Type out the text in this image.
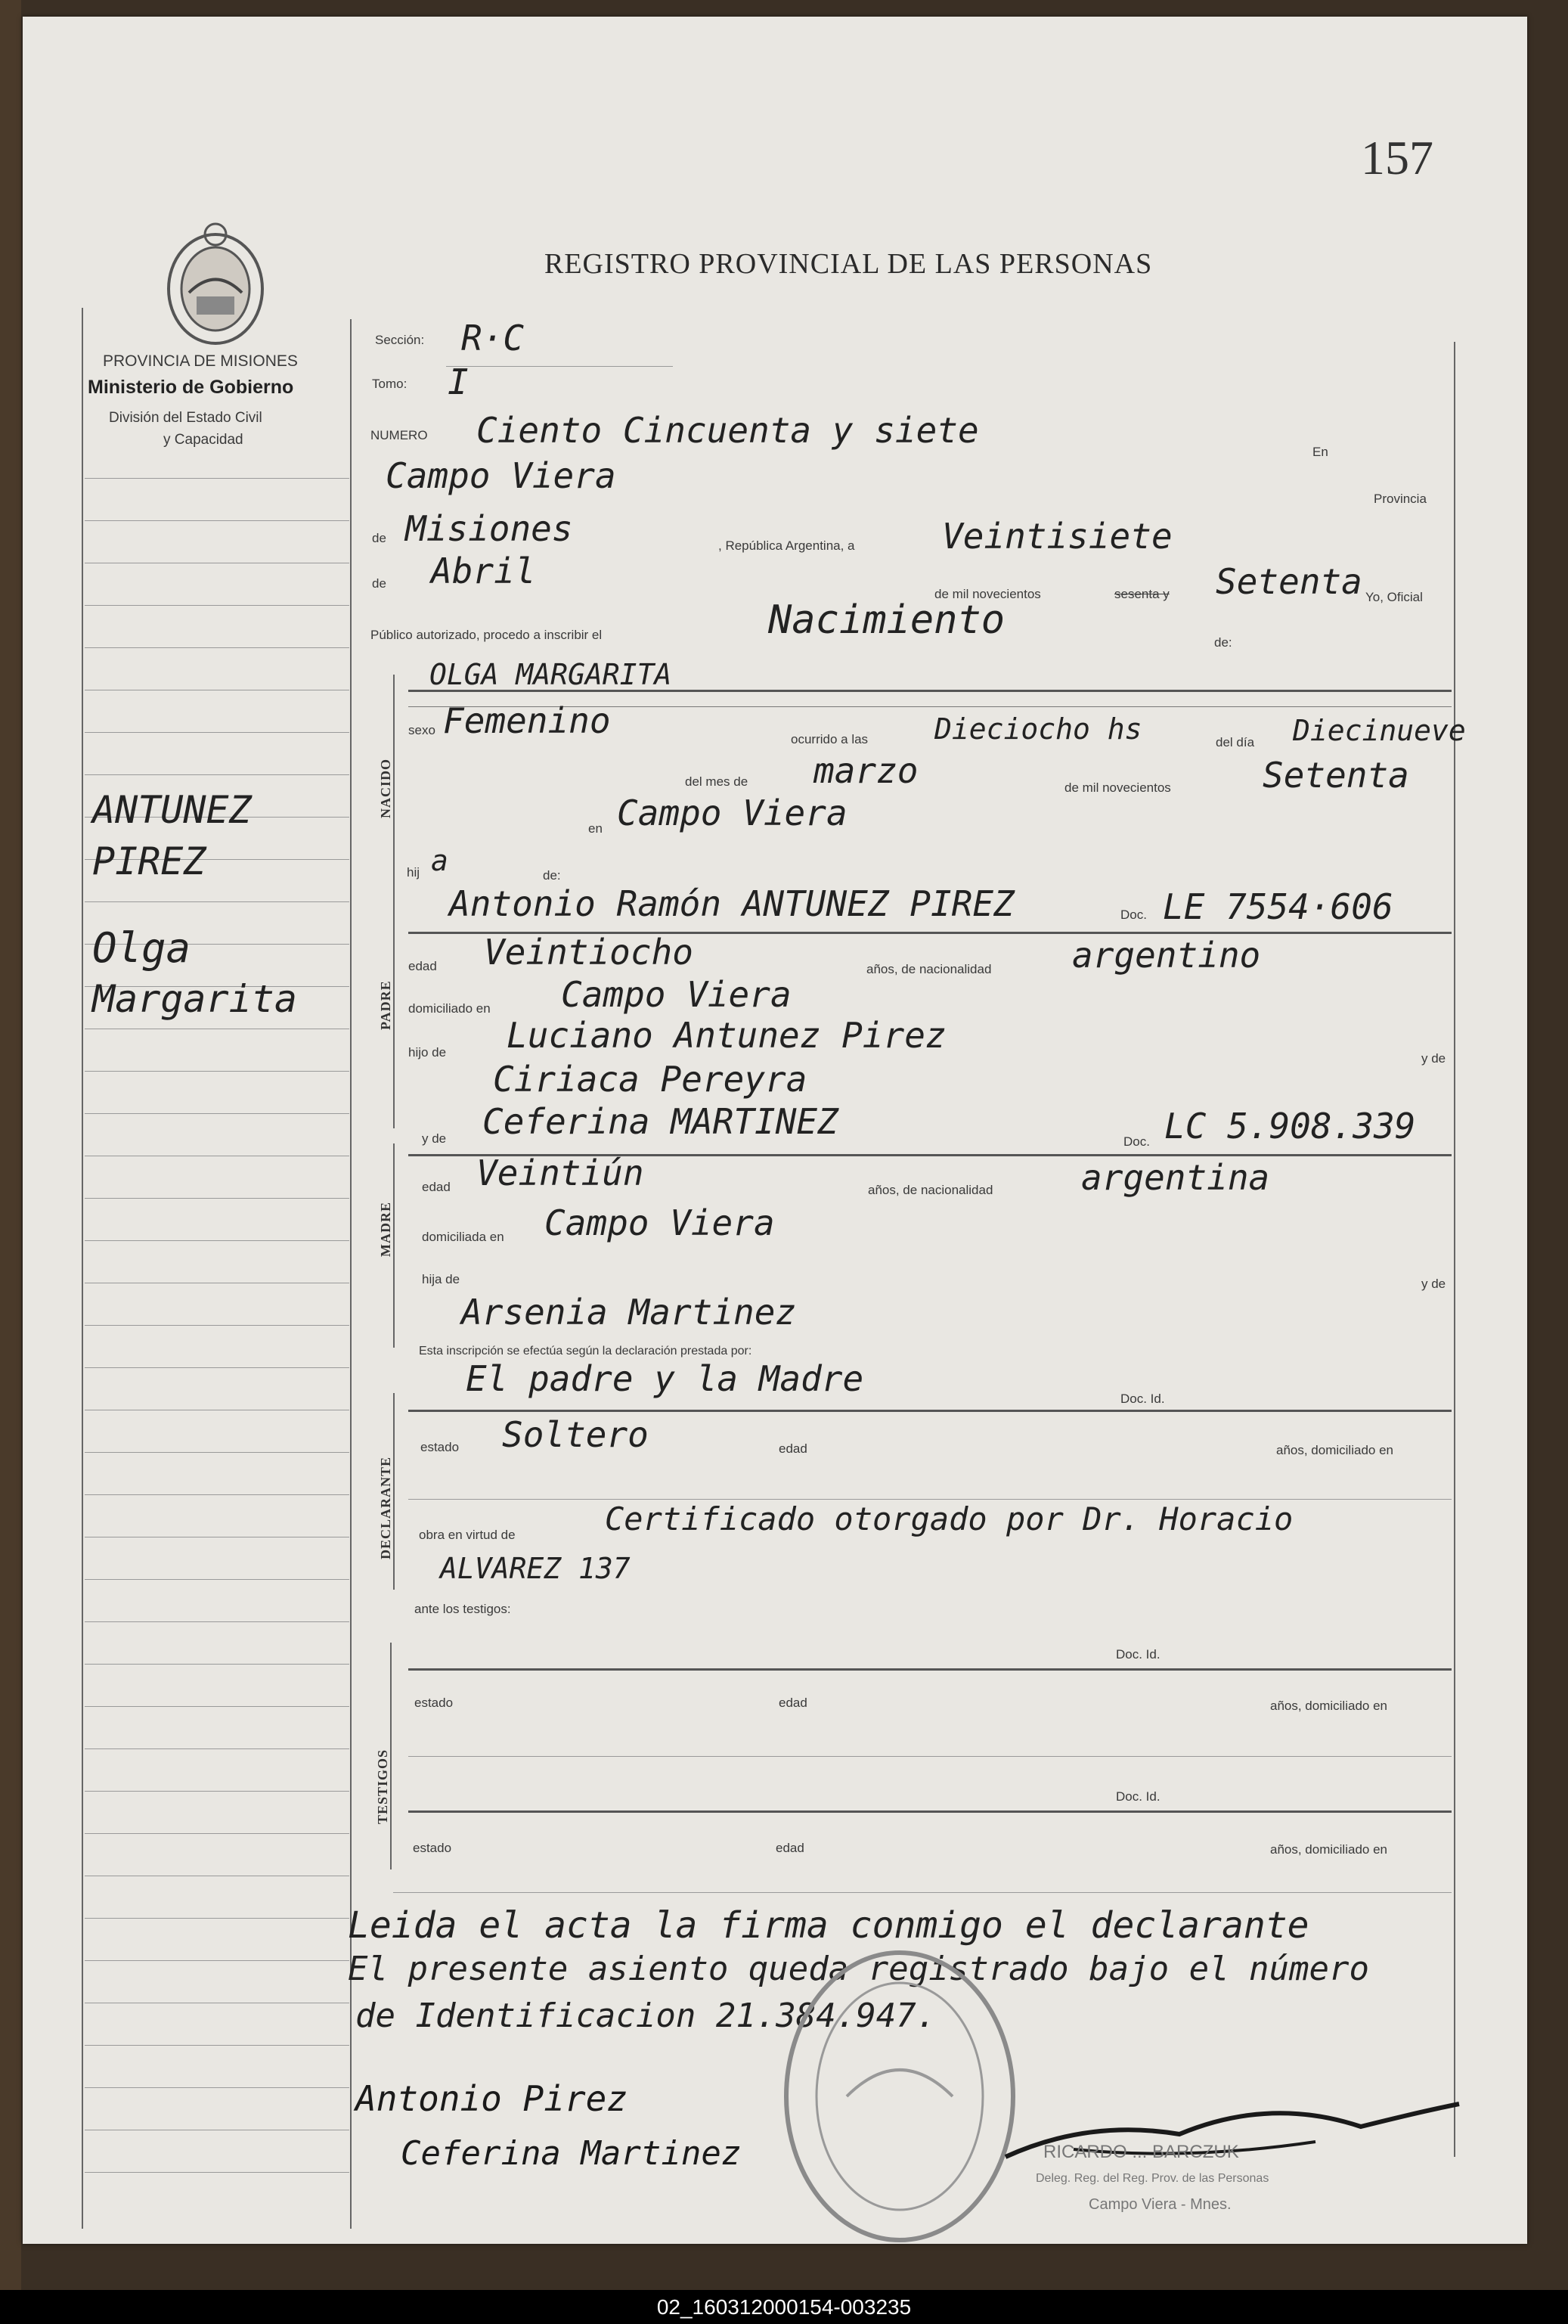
157
REGISTRO PROVINCIAL DE LAS PERSONAS
PROVINCIA DE MISIONES
Ministerio de Gobierno
División del Estado Civil
y Capacidad
ANTUNEZ
PIREZ
Olga
Margarita
Sección: R·C
Tomo: I
NUMERO Ciento Cincuenta y siete
En
Campo Viera
Provincia
de Misiones	, República Argentina, a	Veintisiete
de Abril
de mil novecientos	sesenta y Setenta Yo, Oficial
Público autorizado, procedo a inscribir el	Nacimiento	de:
NACIDO
OLGA MARGARITA
sexo Femenino	ocurrido a las Dieciocho hs	del día Diecinueve
del mes de marzo	de mil novecientos	Setenta
en Campo Viera
hij a	de:
PADRE
Antonio Ramón ANTUNEZ PIREZ	Doc. LE 7554·606
edad Veintiocho	años, de nacionalidad argentino
domiciliado en Campo Viera
hijo de Luciano Antunez Pirez
y de
Ciriaca Pereyra
MADRE
y de Ceferina MARTINEZ	Doc. LC 5.908.339
edad Veintiún	años, de nacionalidad	argentina
domiciliada en Campo Viera
hija de	y de
Arsenia Martinez
Esta inscripción se efectúa según la declaración prestada por:
DECLARANTE
El padre y la Madre	Doc. Id.
estado Soltero	edad	años, domiciliado en
obra en virtud de	Certificado otorgado por Dr. Horacio
ALVAREZ 137
ante los testigos:
TESTIGOS
Doc. Id.
estado	edad	años, domiciliado en
Doc. Id.
estado	edad	años, domiciliado en
Leida el acta la firma conmigo el declarante
El presente asiento queda registrado bajo el número
de Identificacion 21.384.947.
Antonio Pirez
Ceferina Martinez	RICARDO ... BARCZUK
Deleg. Reg. del Reg. Prov. de las Personas
Campo Viera - Mnes.
02_160312000154-003235
